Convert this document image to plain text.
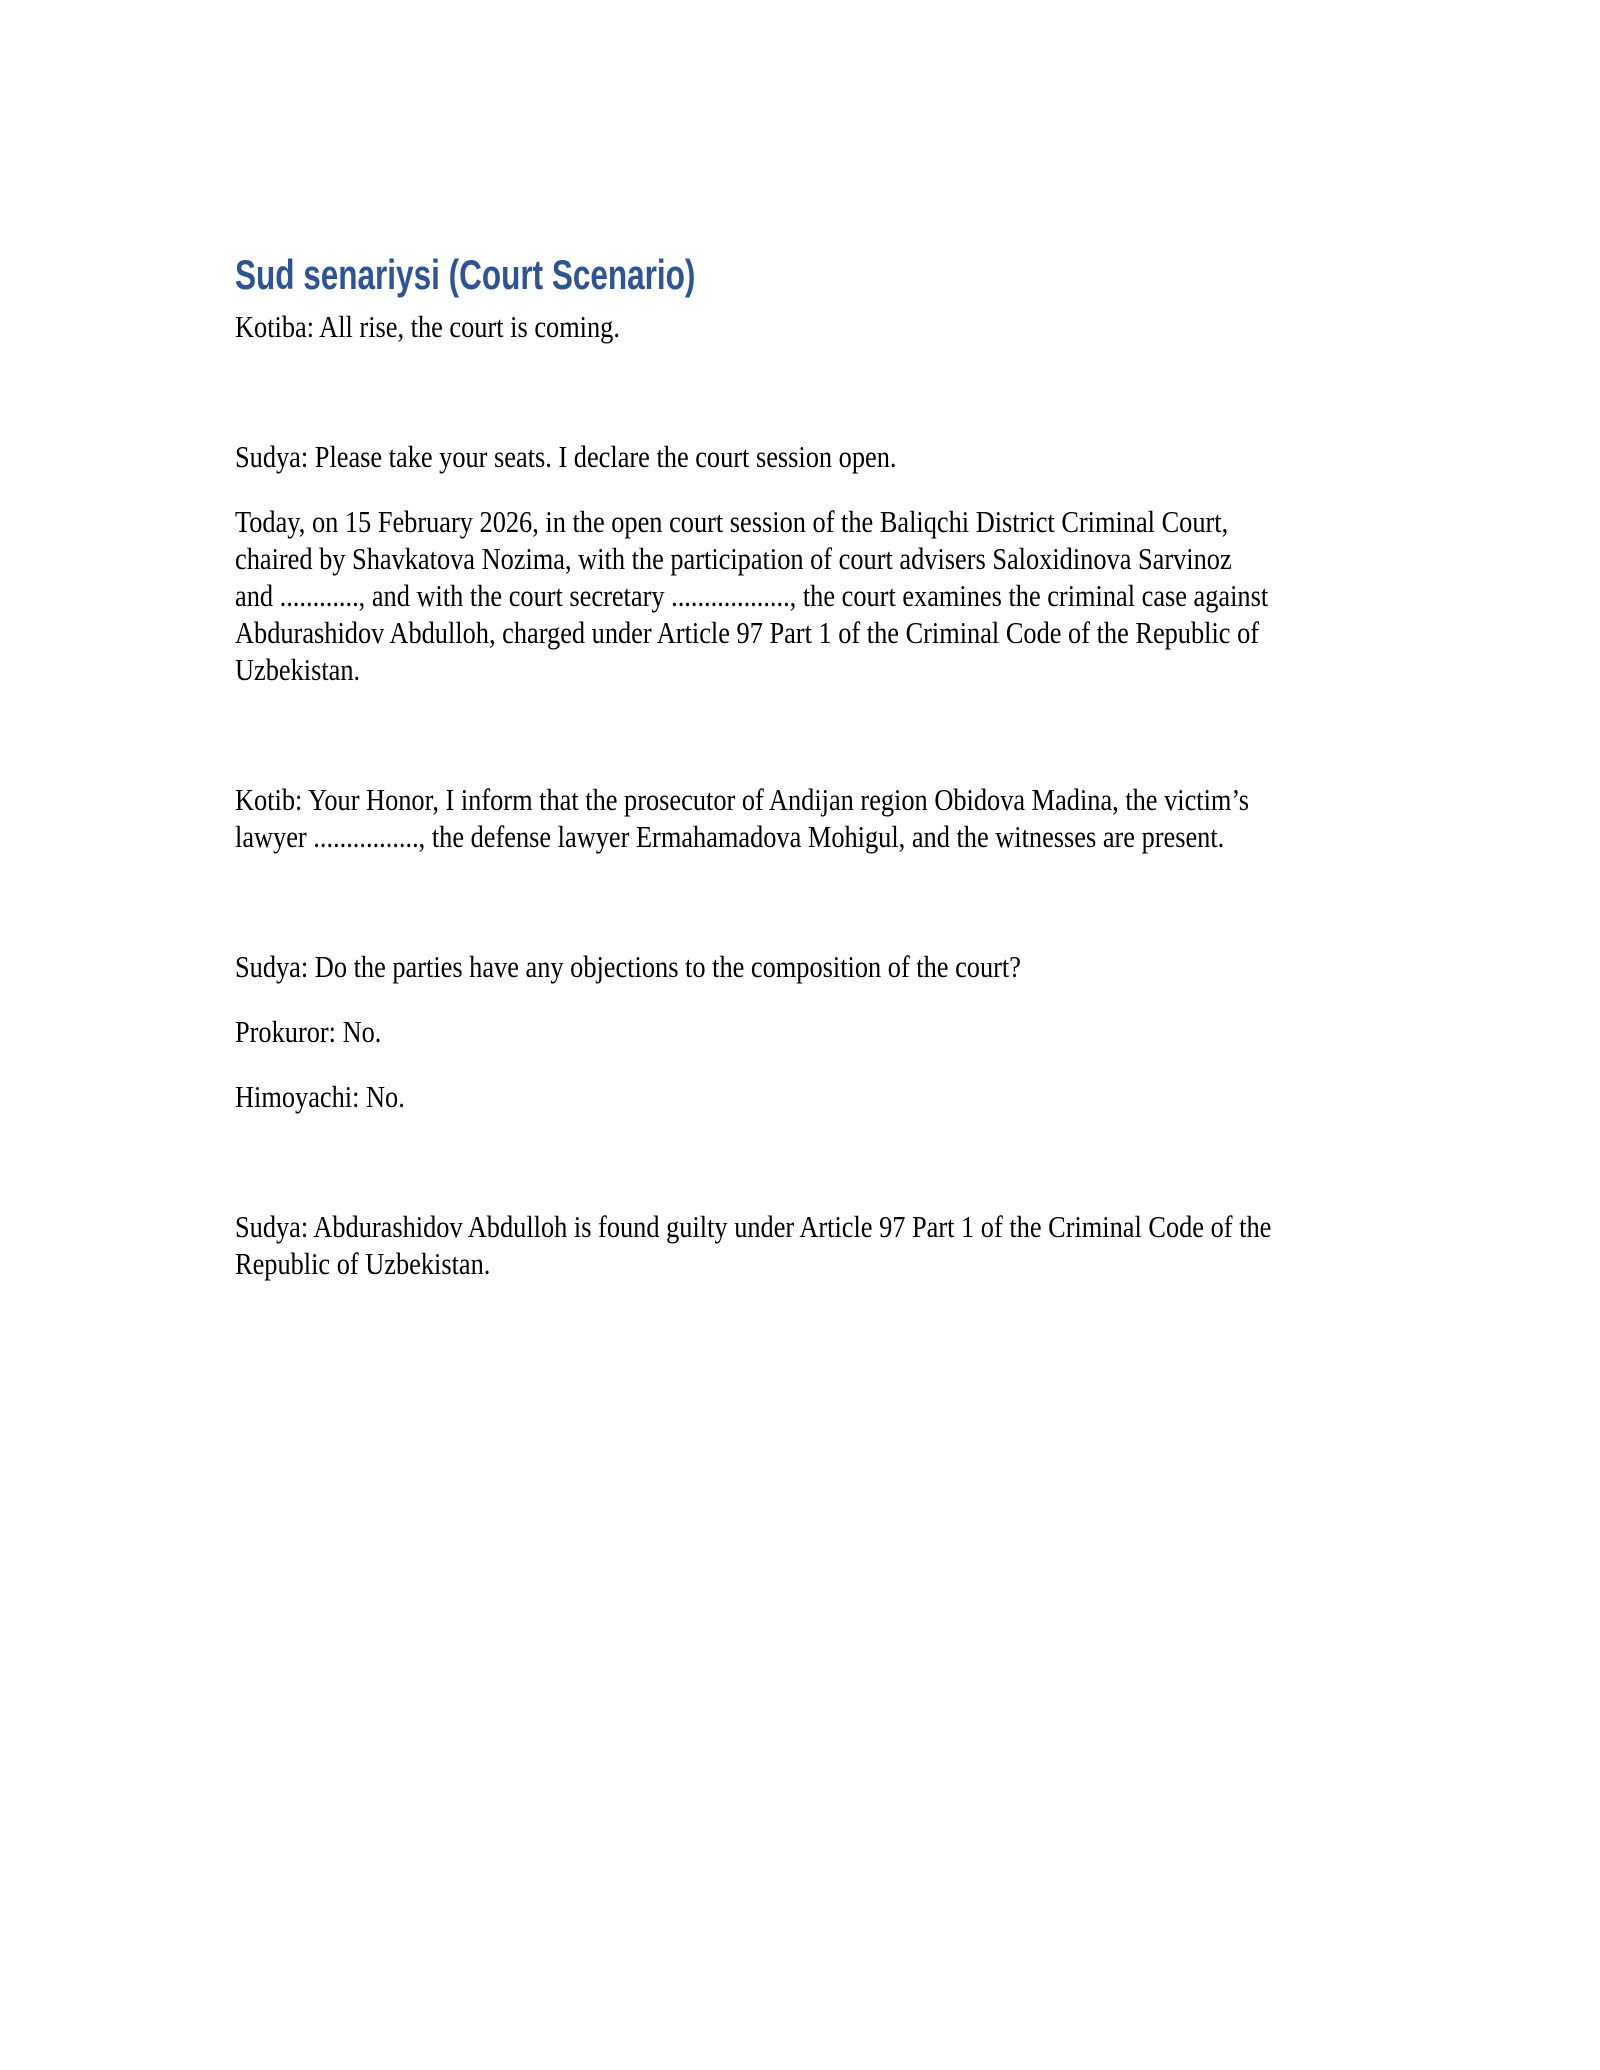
Sud senariysi (Court Scenario)

Kotiba: All rise, the court is coming.

Sudya: Please take your seats. I declare the court session open.

Today, on 15 February 2026, in the open court session of the Baliqchi District Criminal Court,
chaired by Shavkatova Nozima, with the participation of court advisers Saloxidinova Sarvinoz
and ............, and with the court secretary .................., the court examines the criminal case against
Abdurashidov Abdulloh, charged under Article 97 Part 1 of the Criminal Code of the Republic of
Uzbekistan.

Kotib: Your Honor, I inform that the prosecutor of Andijan region Obidova Madina, the victim’s
lawyer ................, the defense lawyer Ermahamadova Mohigul, and the witnesses are present.

Sudya: Do the parties have any objections to the composition of the court?

Prokuror: No.

Himoyachi: No.

Sudya: Abdurashidov Abdulloh is found guilty under Article 97 Part 1 of the Criminal Code of the
Republic of Uzbekistan.
